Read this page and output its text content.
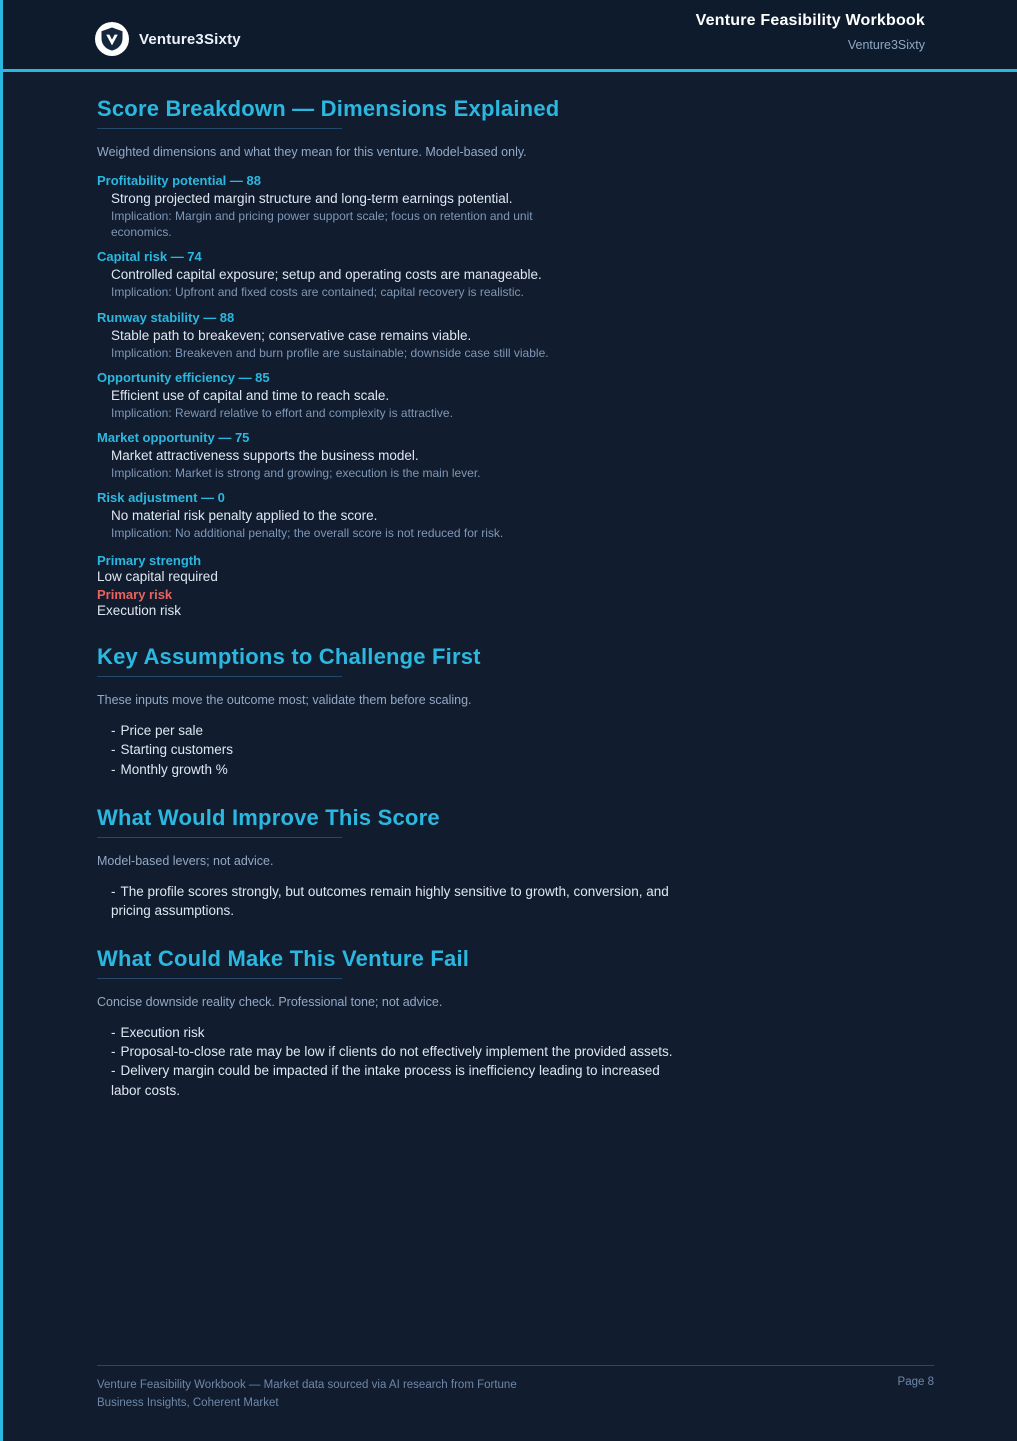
Venture3Sixty
Venture Feasibility Workbook
Venture3Sixty
Score Breakdown — Dimensions Explained

Weighted dimensions and what they mean for this venture. Model-based only.

Profitability potential — 88
Strong projected margin structure and long-term earnings potential.
Implication: Margin and pricing power support scale; focus on retention and unit economics.
Capital risk — 74
Controlled capital exposure; setup and operating costs are manageable.
Implication: Upfront and fixed costs are contained; capital recovery is realistic.
Runway stability — 88
Stable path to breakeven; conservative case remains viable.
Implication: Breakeven and burn profile are sustainable; downside case still viable.
Opportunity efficiency — 85
Efficient use of capital and time to reach scale.
Implication: Reward relative to effort and complexity is attractive.
Market opportunity — 75
Market attractiveness supports the business model.
Implication: Market is strong and growing; execution is the main lever.
Risk adjustment — 0
No material risk penalty applied to the score.
Implication: No additional penalty; the overall score is not reduced for risk.
Primary strength
Low capital required
Primary risk
Execution risk
Key Assumptions to Challenge First

These inputs move the outcome most; validate them before scaling.

- Price per sale
- Starting customers
- Monthly growth %
What Would Improve This Score

Model-based levers; not advice.

- The profile scores strongly, but outcomes remain highly sensitive to growth, conversion, and pricing assumptions.
What Could Make This Venture Fail

Concise downside reality check. Professional tone; not advice.

- Execution risk
- Proposal-to-close rate may be low if clients do not effectively implement the provided assets.
- Delivery margin could be impacted if the intake process is inefficiency leading to increased labor costs.
Venture Feasibility Workbook — Market data sourced via AI research from Fortune Business Insights, Coherent Market
Page 8
